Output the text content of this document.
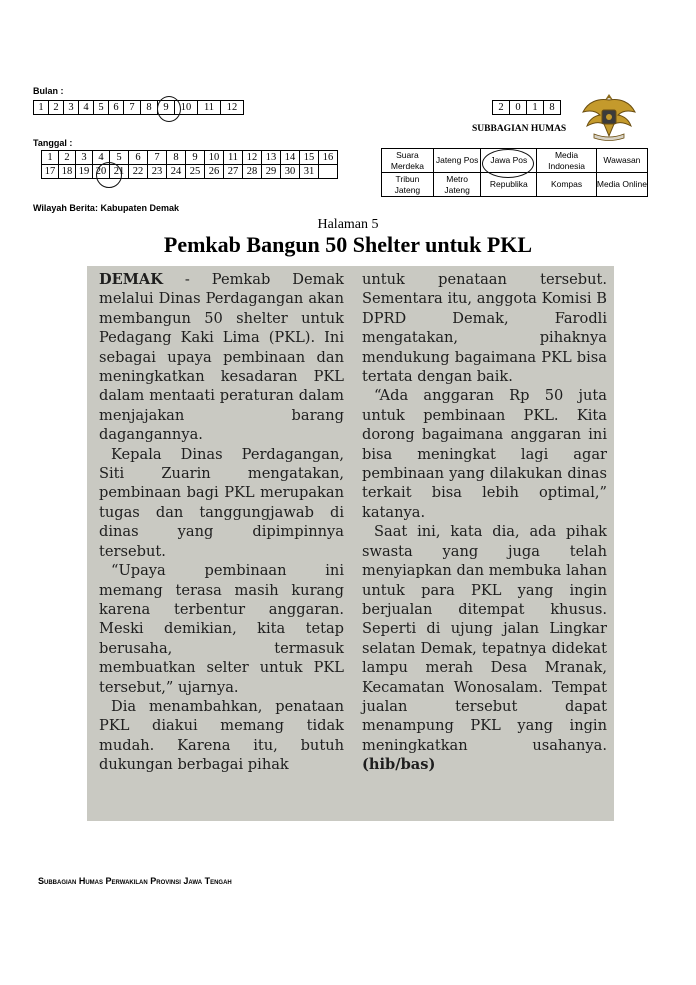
Bulan :
1	2	3	4	5	6	7	8	9	10	11	12	2	0	1	8
SUBBAGIAN HUMAS
Tanggal :
1	2	3	4	5	6	7	8	9	10	11	12	13	14	15	16
17	18	19	20	21	22	23	24	25	26	27	28	29	30	31	
Suara Merdeka	Jateng Pos	Jawa Pos	Media Indonesia	Wawasan
Tribun Jateng	Metro Jateng	Republika	Kompas	Media Online
Wilayah Berita: Kabupaten Demak
Halaman 5
Pemkab Bangun 50 Shelter untuk PKL

DEMAK - Pemkab Demak melalui Dinas Perdagangan akan membangun 50 shelter untuk Pedagang Kaki Lima (PKL). Ini sebagai upaya pembinaan dan meningkatkan kesadaran PKL dalam mentaati peraturan dalam menjajakan barang dagangannya.

Kepala Dinas Perdagangan, Siti Zuarin mengatakan, pembinaan bagi PKL merupakan tugas dan tanggungjawab di dinas yang dipimpinnya tersebut.

“Upaya pembinaan ini memang terasa masih kurang karena terbentur anggaran. Meski demikian, kita tetap berusaha, termasuk membuatkan selter untuk PKL tersebut,” ujarnya.

Dia menambahkan, penataan PKL diakui memang tidak mudah. Karena itu, butuh dukungan berbagai pihak

untuk penataan tersebut. Sementara itu, anggota Komisi B DPRD Demak, Farodli mengatakan, pihaknya mendukung bagaimana PKL bisa tertata dengan baik.

“Ada anggaran Rp 50 juta untuk pembinaan PKL. Kita dorong bagaimana anggaran ini bisa meningkat lagi agar pembinaan yang dilakukan dinas terkait bisa lebih optimal,” katanya.

Saat ini, kata dia, ada pihak swasta yang juga telah menyiapkan dan membuka lahan untuk para PKL yang ingin berjualan ditempat khusus. Seperti di ujung jalan Lingkar selatan Demak, tepatnya didekat lampu merah Desa Mranak, Kecamatan Wonosalam. Tempat jualan tersebut dapat menampung PKL yang ingin meningkatkan usahanya. (hib/bas)

Subbagian Humas Perwakilan Provinsi Jawa Tengah
